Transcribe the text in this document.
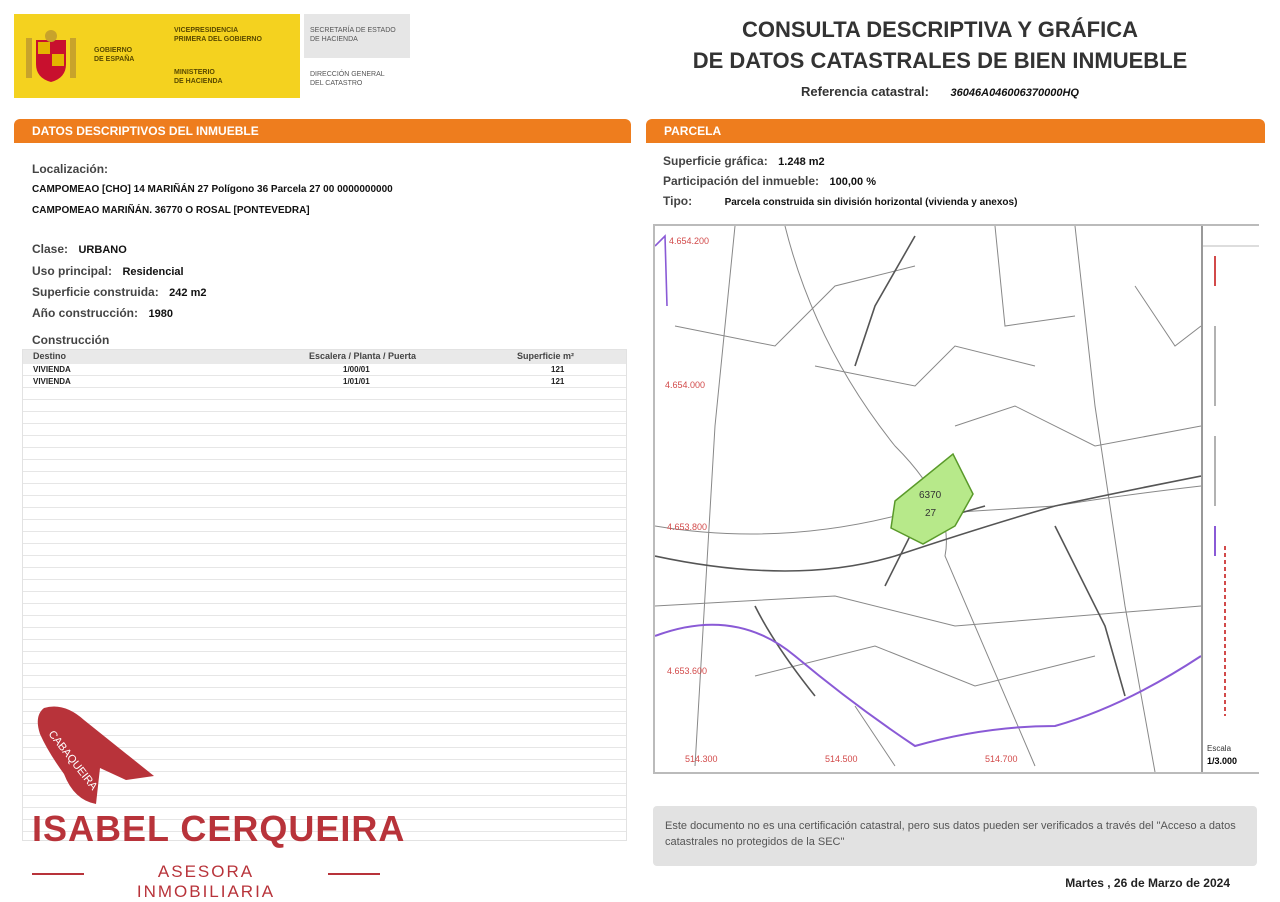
GOBIERNO
DE ESPAÑA
VICEPRESIDENCIA
PRIMERA DEL GOBIERNO
MINISTERIO
DE HACIENDA
SECRETARÍA DE ESTADO
DE HACIENDA
DIRECCIÓN GENERAL
DEL CATASTRO
CONSULTA DESCRIPTIVA Y GRÁFICA
DE DATOS CATASTRALES DE BIEN INMUEBLE
Referencia catastral: 36046A046006370000HQ
DATOS DESCRIPTIVOS DEL INMUEBLE
Localización:
CAMPOMEAO [CHO] 14 MARIÑÁN 27 Polígono 36 Parcela 27 00 0000000000
CAMPOMEAO MARIÑÁN. 36770 O ROSAL [PONTEVEDRA]
Clase: URBANO
Uso principal: Residencial
Superficie construida: 242 m2
Año construcción: 1980
Construcción
Destino	Escalera / Planta / Puerta	Superficie m²
VIVIENDA	1/00/01	121
VIVIENDA	1/01/01	121
PARCELA
Superficie gráfica: 1.248 m2
Participación del inmueble: 100,00 %
Tipo:	Parcela construida sin división horizontal (vivienda y anexos)
6370
27
4.654.200
4.654.000
4.653.800
4.653.600
514.300	514.500	514.700
Escala
1/3.000
Este documento no es una certificación catastral, pero sus datos pueden ser verificados a través del "Acceso a datos catastrales no protegidos de la SEC"
Martes , 26 de Marzo de 2024
CABAQUEIRA
ISABEL CERQUEIRA
ASESORA INMOBILIARIA
